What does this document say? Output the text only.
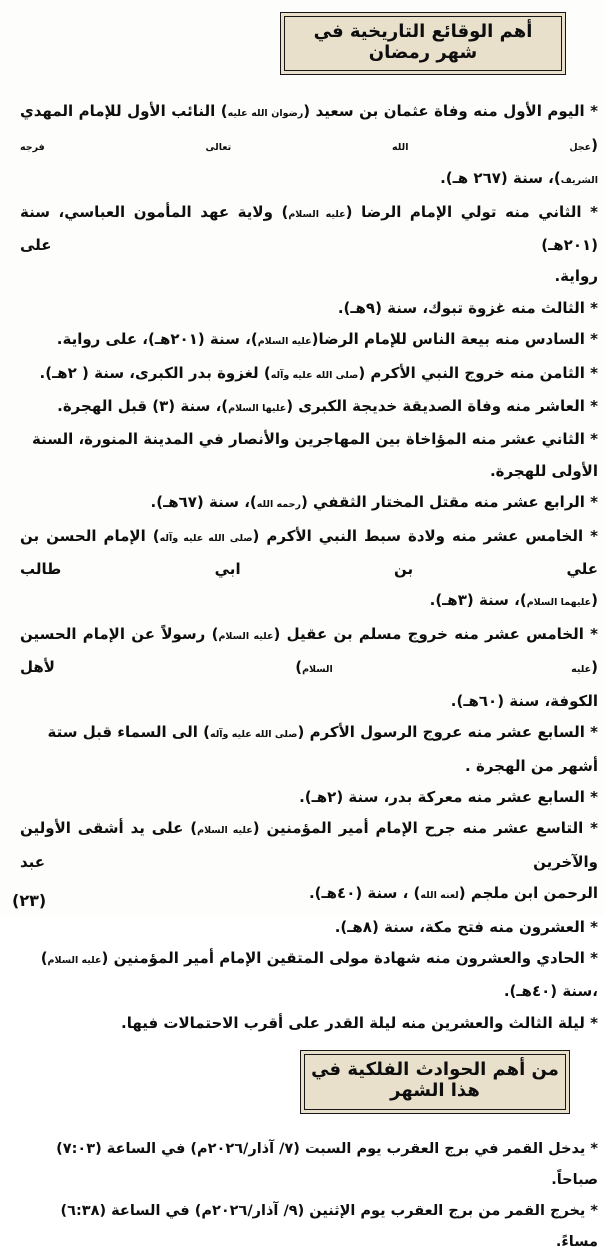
أهم الوقائع التاريخية في شهر رمضان
* اليوم الأول منه وفاة عثمان بن سعيد (رضوان الله عليه) النائب الأول للإمام المهدي (عجل الله تعالى فرجه
الشريف)، سنة (٢٦٧ هـ).
* الثاني منه تولي الإمام الرضا (عليه السلام) ولاية عهد المأمون العباسي، سنة (٢٠١هـ) على
رواية.
* الثالث منه غزوة تبوك، سنة (٩هـ).
* السادس منه بيعة الناس للإمام الرضا(عليه السلام)، سنة (٢٠١هـ)، على رواية.
* الثامن منه خروج النبي الأكرم (صلى الله عليه وآله) لغزوة بدر الكبرى، سنة ( ٢هـ).
* العاشر منه وفاة الصديقة خديجة الكبرى (عليها السلام)، سنة (٣) قبل الهجرة.
* الثاني عشر منه المؤاخاة بين المهاجرين والأنصار في المدينة المنورة، السنة الأولى للهجرة.
* الرابع عشر منه مقتل المختار الثقفي (رحمه الله)، سنة (٦٧هـ).
* الخامس عشر منه ولادة سبط النبي الأكرم (صلى الله عليه وآله) الإمام الحسن بن علي بن ابي طالب
(عليهما السلام)، سنة (٣هـ).
* الخامس عشر منه خروج مسلم بن عقيل (عليه السلام) رسولاً عن الإمام الحسين (عليه السلام) لأهل
الكوفة، سنة (٦٠هـ).
* السابع عشر منه عروج الرسول الأكرم (صلى الله عليه وآله) الى السماء قبل ستة أشهر من الهجرة .
* السابع عشر منه معركة بدر، سنة (٢هـ).
* التاسع عشر منه جرح الإمام أمير المؤمنين (عليه السلام) على يد أشقى الأولين والآخرين عبد
الرحمن ابن ملجم (لعنه الله) ، سنة (٤٠هـ).
* العشرون منه فتح مكة، سنة (٨هـ).
* الحادي والعشرون منه شهادة مولى المتقين الإمام أمير المؤمنين (عليه السلام) ،سنة (٤٠هـ).
* ليلة الثالث والعشرين منه ليلة القدر على أقرب الاحتمالات فيها.
من أهم الحوادث الفلكية في هذا الشهر
* يدخل القمر في برج العقرب يوم السبت (٧/ آذار/٢٠٢٦م) في الساعة (٧:٠٣) صباحاً.
* يخرج القمر من برج العقرب يوم الإثنين (٩/ آذار/٢٠٢٦م) في الساعة (٦:٣٨) مساءً.
(٢٣)
